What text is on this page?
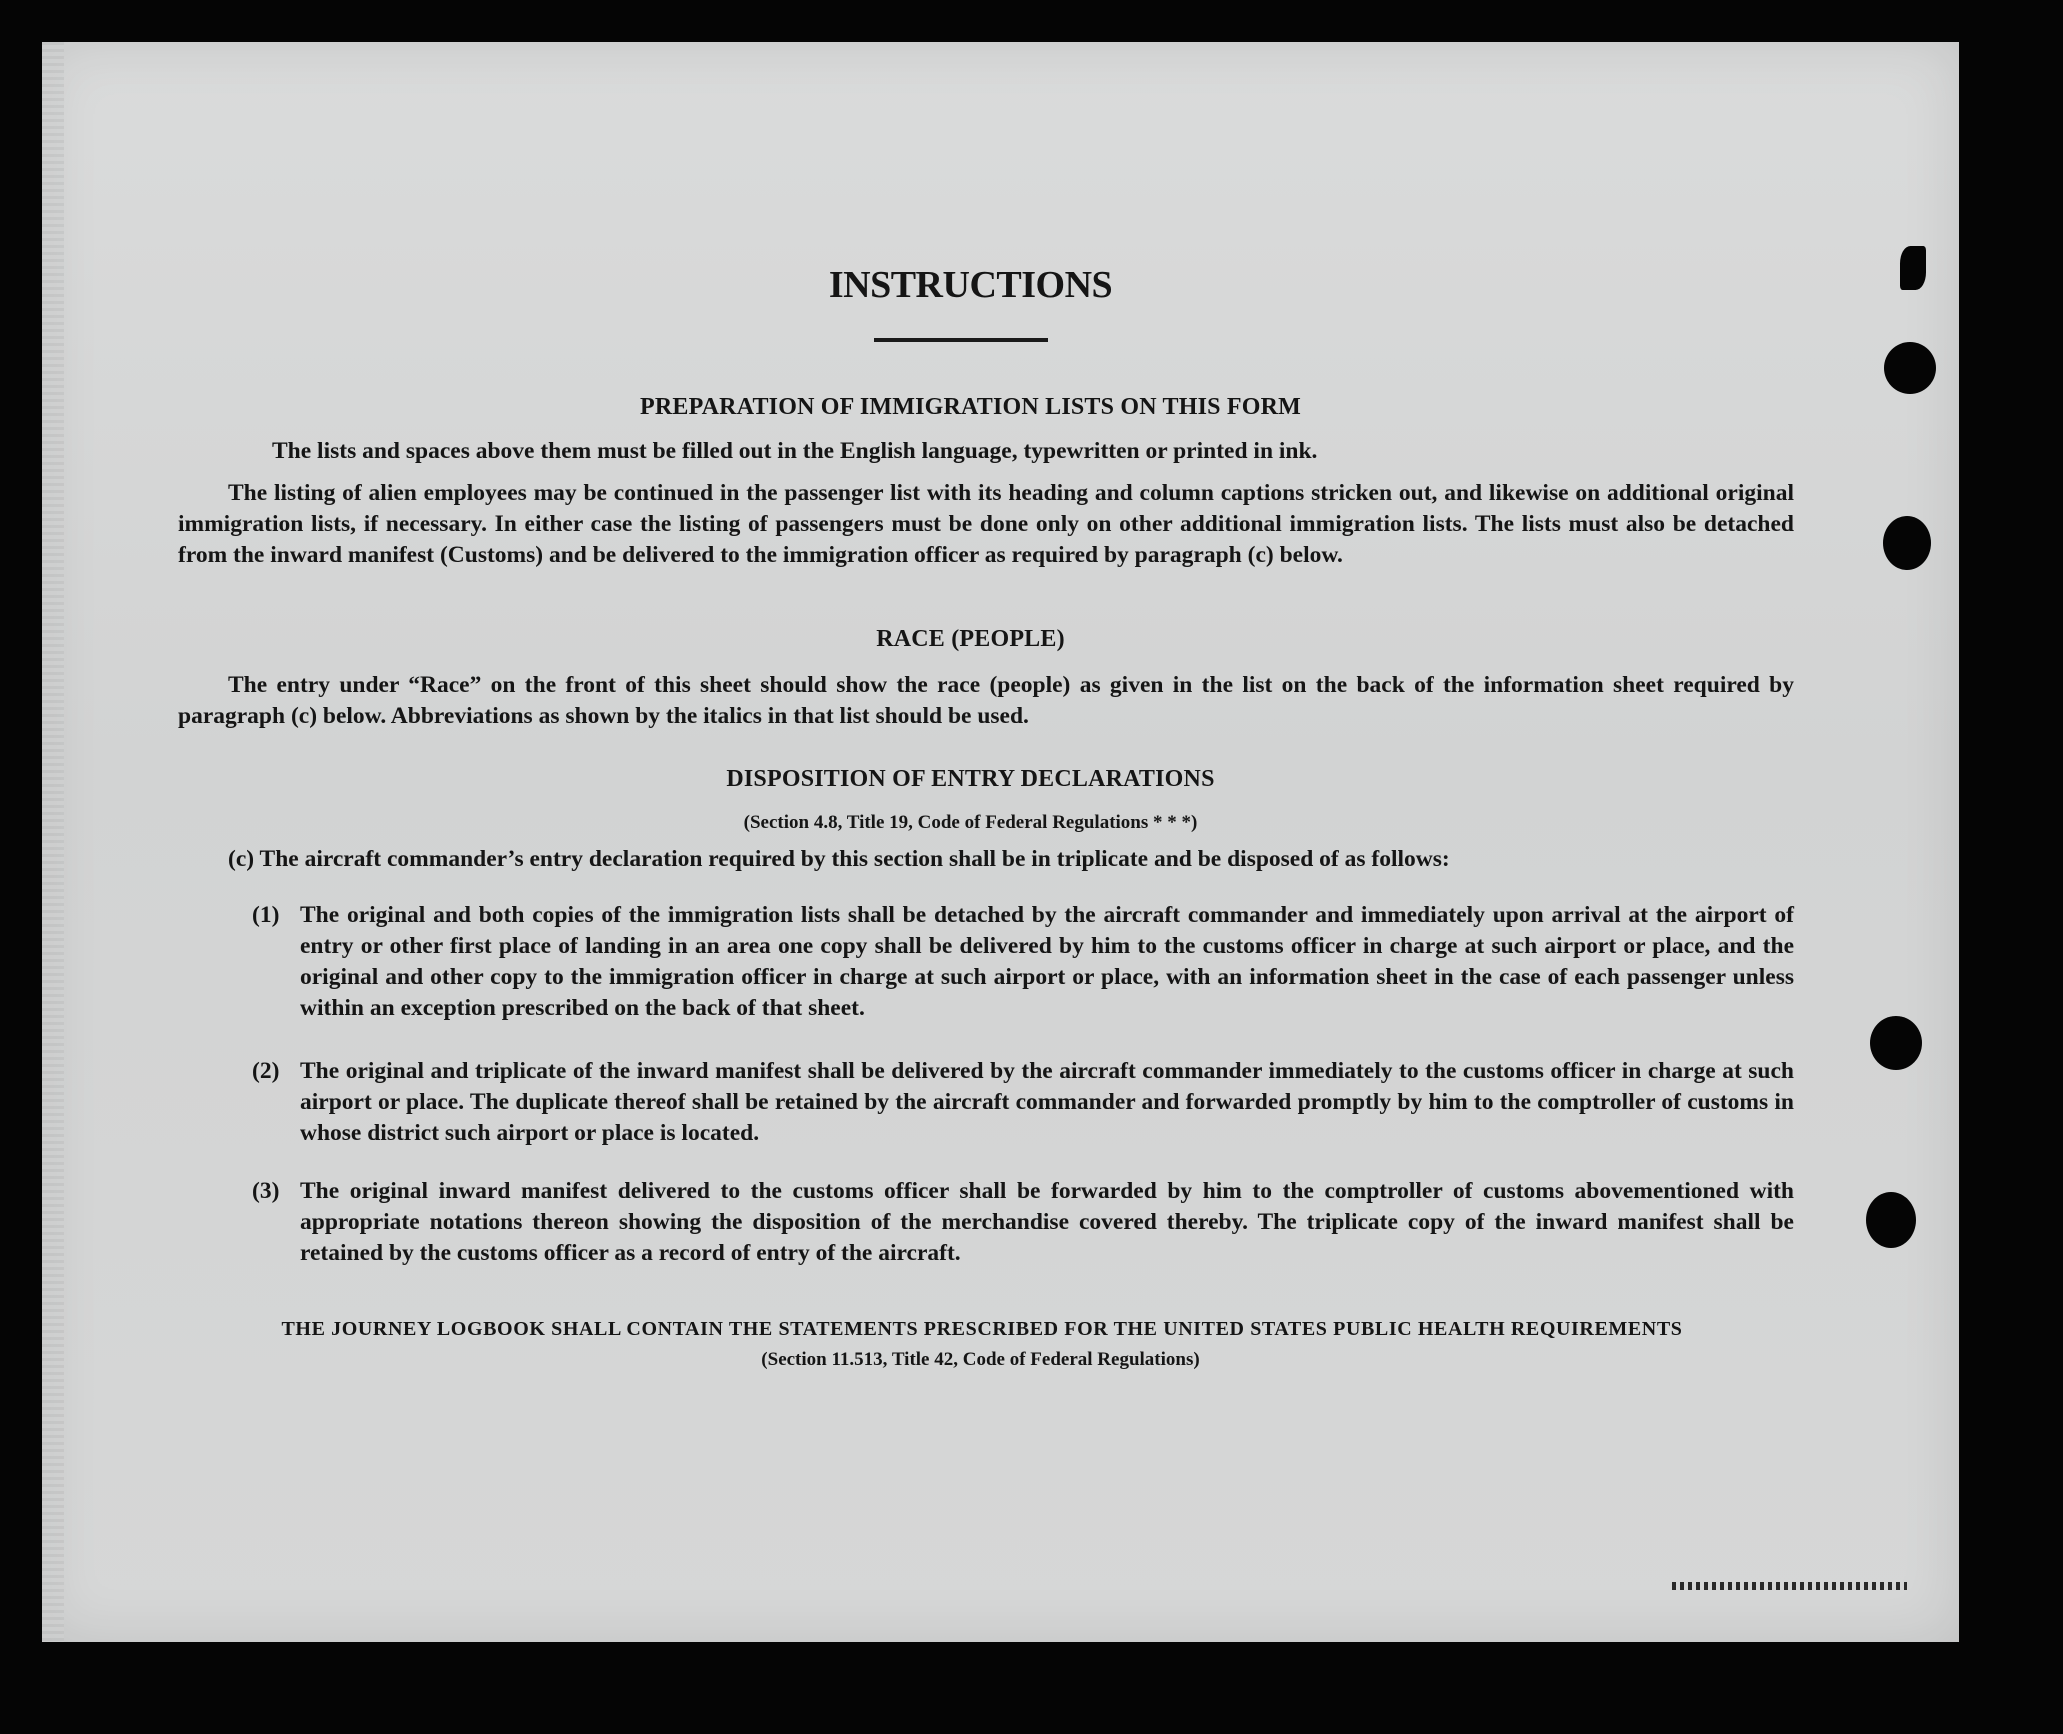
INSTRUCTIONS
PREPARATION OF IMMIGRATION LISTS ON THIS FORM
The lists and spaces above them must be filled out in the English language, typewritten or printed in ink.
The listing of alien employees may be continued in the passenger list with its heading and column captions stricken out, and likewise on additional original immigration lists, if necessary. In either case the listing of passengers must be done only on other additional immigration lists. The lists must also be detached from the inward manifest (Customs) and be delivered to the immigration officer as required by paragraph (c) below.
RACE (PEOPLE)
The entry under “Race” on the front of this sheet should show the race (people) as given in the list on the back of the information sheet required by paragraph (c) below. Abbreviations as shown by the italics in that list should be used.
DISPOSITION OF ENTRY DECLARATIONS
(Section 4.8, Title 19, Code of Federal Regulations * * *)
(c) The aircraft commander’s entry declaration required by this section shall be in triplicate and be disposed of as follows:
(1) The original and both copies of the immigration lists shall be detached by the aircraft commander and immediately upon arrival at the airport of entry or other first place of landing in an area one copy shall be delivered by him to the customs officer in charge at such airport or place, and the original and other copy to the immigration officer in charge at such airport or place, with an information sheet in the case of each passenger unless within an exception prescribed on the back of that sheet.
(2) The original and triplicate of the inward manifest shall be delivered by the aircraft commander immediately to the customs officer in charge at such airport or place. The duplicate thereof shall be retained by the aircraft commander and forwarded promptly by him to the comptroller of customs in whose district such airport or place is located.
(3) The original inward manifest delivered to the customs officer shall be forwarded by him to the comptroller of customs abovementioned with appropriate notations thereon showing the disposition of the merchandise covered thereby. The triplicate copy of the inward manifest shall be retained by the customs officer as a record of entry of the aircraft.
THE JOURNEY LOGBOOK SHALL CONTAIN THE STATEMENTS PRESCRIBED FOR THE UNITED STATES PUBLIC HEALTH REQUIREMENTS
(Section 11.513, Title 42, Code of Federal Regulations)
